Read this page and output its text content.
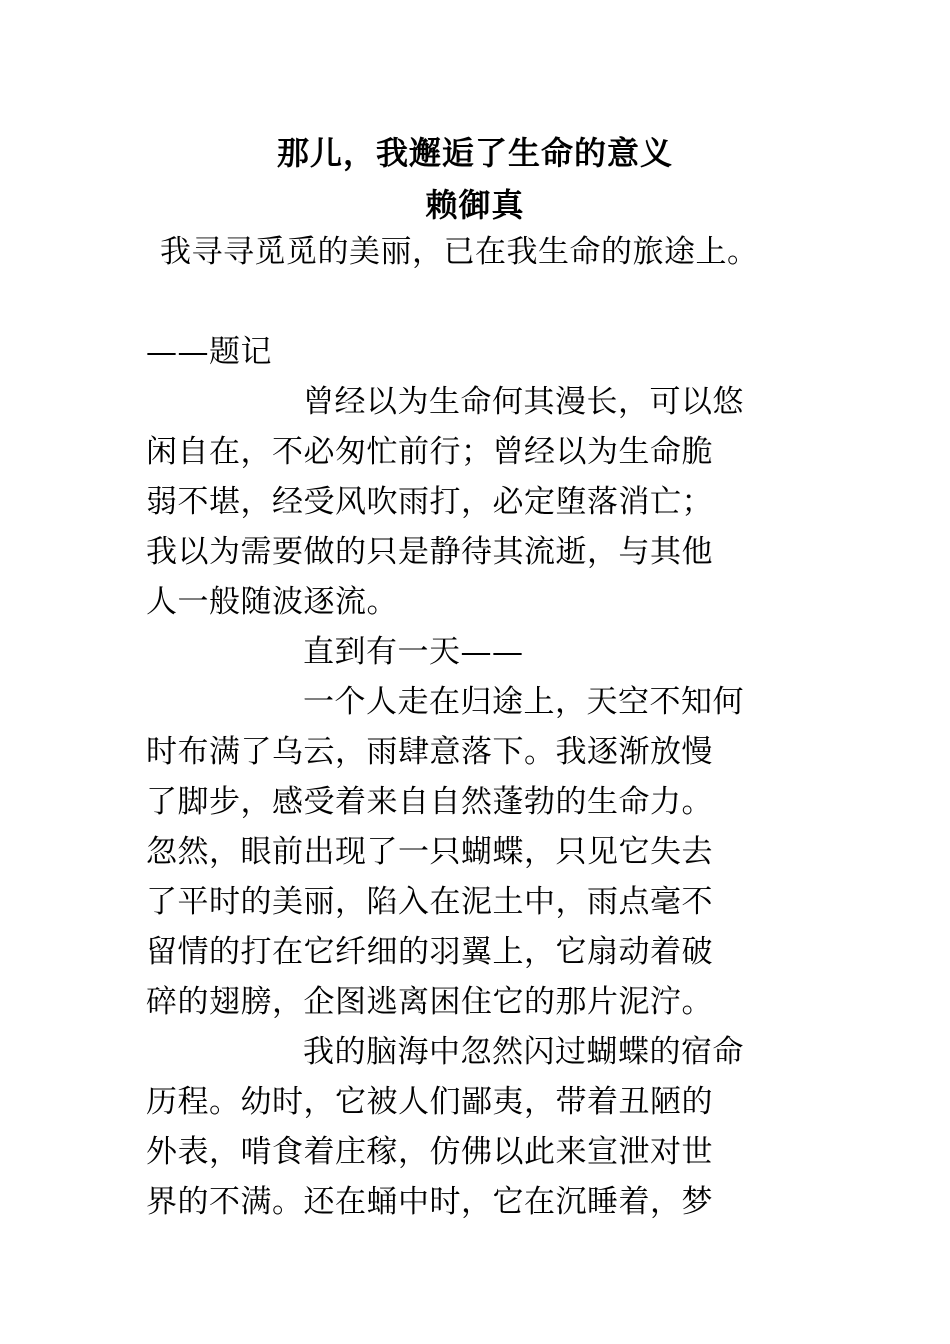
那儿，我邂逅了生命的意义
赖御真
我寻寻觅觅的美丽，已在我生命的旅途上。
——题记
曾经以为生命何其漫长，可以悠
闲自在，不必匆忙前行；曾经以为生命脆
弱不堪，经受风吹雨打，必定堕落消亡；
我以为需要做的只是静待其流逝，与其他
人一般随波逐流。
直到有一天——
一个人走在归途上，天空不知何
时布满了乌云，雨肆意落下。我逐渐放慢
了脚步，感受着来自自然蓬勃的生命力。
忽然，眼前出现了一只蝴蝶，只见它失去
了平时的美丽，陷入在泥土中，雨点毫不
留情的打在它纤细的羽翼上，它扇动着破
碎的翅膀，企图逃离困住它的那片泥泞。
我的脑海中忽然闪过蝴蝶的宿命
历程。幼时，它被人们鄙夷，带着丑陋的
外表，啃食着庄稼，仿佛以此来宣泄对世
界的不满。还在蛹中时，它在沉睡着，梦
